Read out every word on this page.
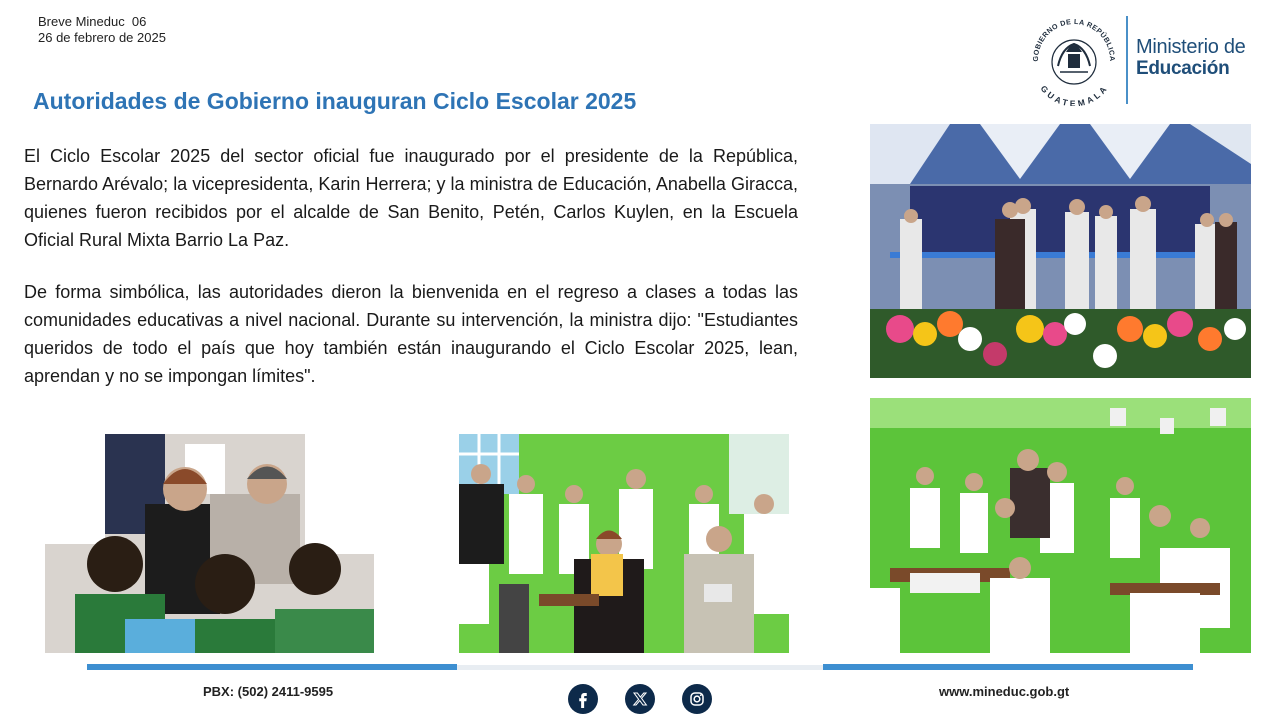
Breve Mineduc  06
26 de febrero de 2025
GOBIERNO DE LA REPÚBLICA
GUATEMALA
Ministerio de
Educación
Autoridades de Gobierno inauguran Ciclo Escolar 2025

El Ciclo Escolar 2025 del sector oficial fue inaugurado por el presidente de la República, Bernardo Arévalo; la vicepresidenta, Karin Herrera; y la ministra de Educación, Anabella Giracca, quienes fueron recibidos por el alcalde de San Benito, Petén, Carlos Kuylen, en la Escuela Oficial Rural Mixta Barrio La Paz.

De forma simbólica, las autoridades dieron la bienvenida en el regreso a clases a todas las comunidades educativas a nivel nacional. Durante su intervención, la ministra dijo: "Estudiantes queridos de todo el país que hoy también están inaugurando el Ciclo Escolar 2025, lean, aprendan y no se impongan límites".

PBX: (502) 2411-9595	www.mineduc.gob.gt
